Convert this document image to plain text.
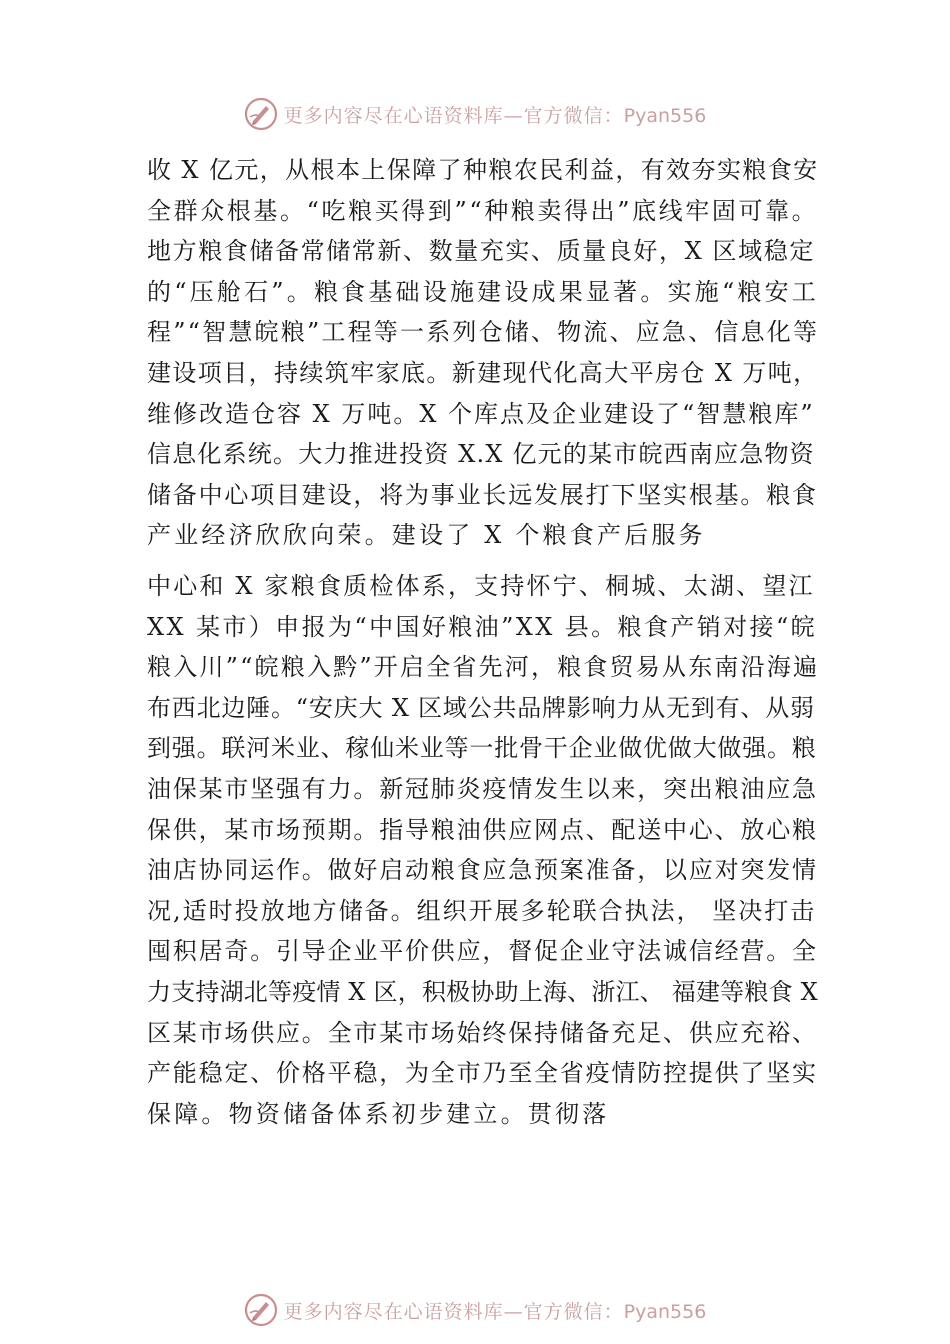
更多内容尽在心语资料库—官方微信：Pyan556
收 X 亿元，从根本上保障了种粮农民利益，有效夯实粮食安
全群众根基。“吃粮买得到”“种粮卖得出”底线牢固可靠。
地方粮食储备常储常新、数量充实、质量良好，X 区域稳定
的“压舱石”。粮食基础设施建设成果显著。实施“粮安工
程”“智慧皖粮”工程等一系列仓储、物流、应急、信息化等
建设项目，持续筑牢家底。新建现代化高大平房仓 X 万吨，
维修改造仓容 X 万吨。X 个库点及企业建设了“智慧粮库”
信息化系统。大力推进投资 X.X 亿元的某市皖西南应急物资
储备中心项目建设，将为事业长远发展打下坚实根基。粮食
产业经济欣欣向荣。建设了 X 个粮食产后服务
中心和 X 家粮食质检体系，支持怀宁、桐城、太湖、望江
XX 某市）申报为“中国好粮油”XX 县。粮食产销对接“皖
粮入川”“皖粮入黔”开启全省先河，粮食贸易从东南沿海遍
布西北边陲。“安庆大 X 区域公共品牌影响力从无到有、从弱
到强。联河米业、稼仙米业等一批骨干企业做优做大做强。粮
油保某市坚强有力。新冠肺炎疫情发生以来，突出粮油应急
保供，某市场预期。指导粮油供应网点、配送中心、放心粮
油店协同运作。做好启动粮食应急预案准备，以应对突发情
况,适时投放地方储备。组织开展多轮联合执法， 坚决打击
囤积居奇。引导企业平价供应，督促企业守法诚信经营。全
力支持湖北等疫情 X 区，积极协助上海、浙江、 福建等粮食 X
区某市场供应。全市某市场始终保持储备充足、供应充裕、
产能稳定、价格平稳，为全市乃至全省疫情防控提供了坚实
保障。物资储备体系初步建立。贯彻落
更多内容尽在心语资料库—官方微信：Pyan556
